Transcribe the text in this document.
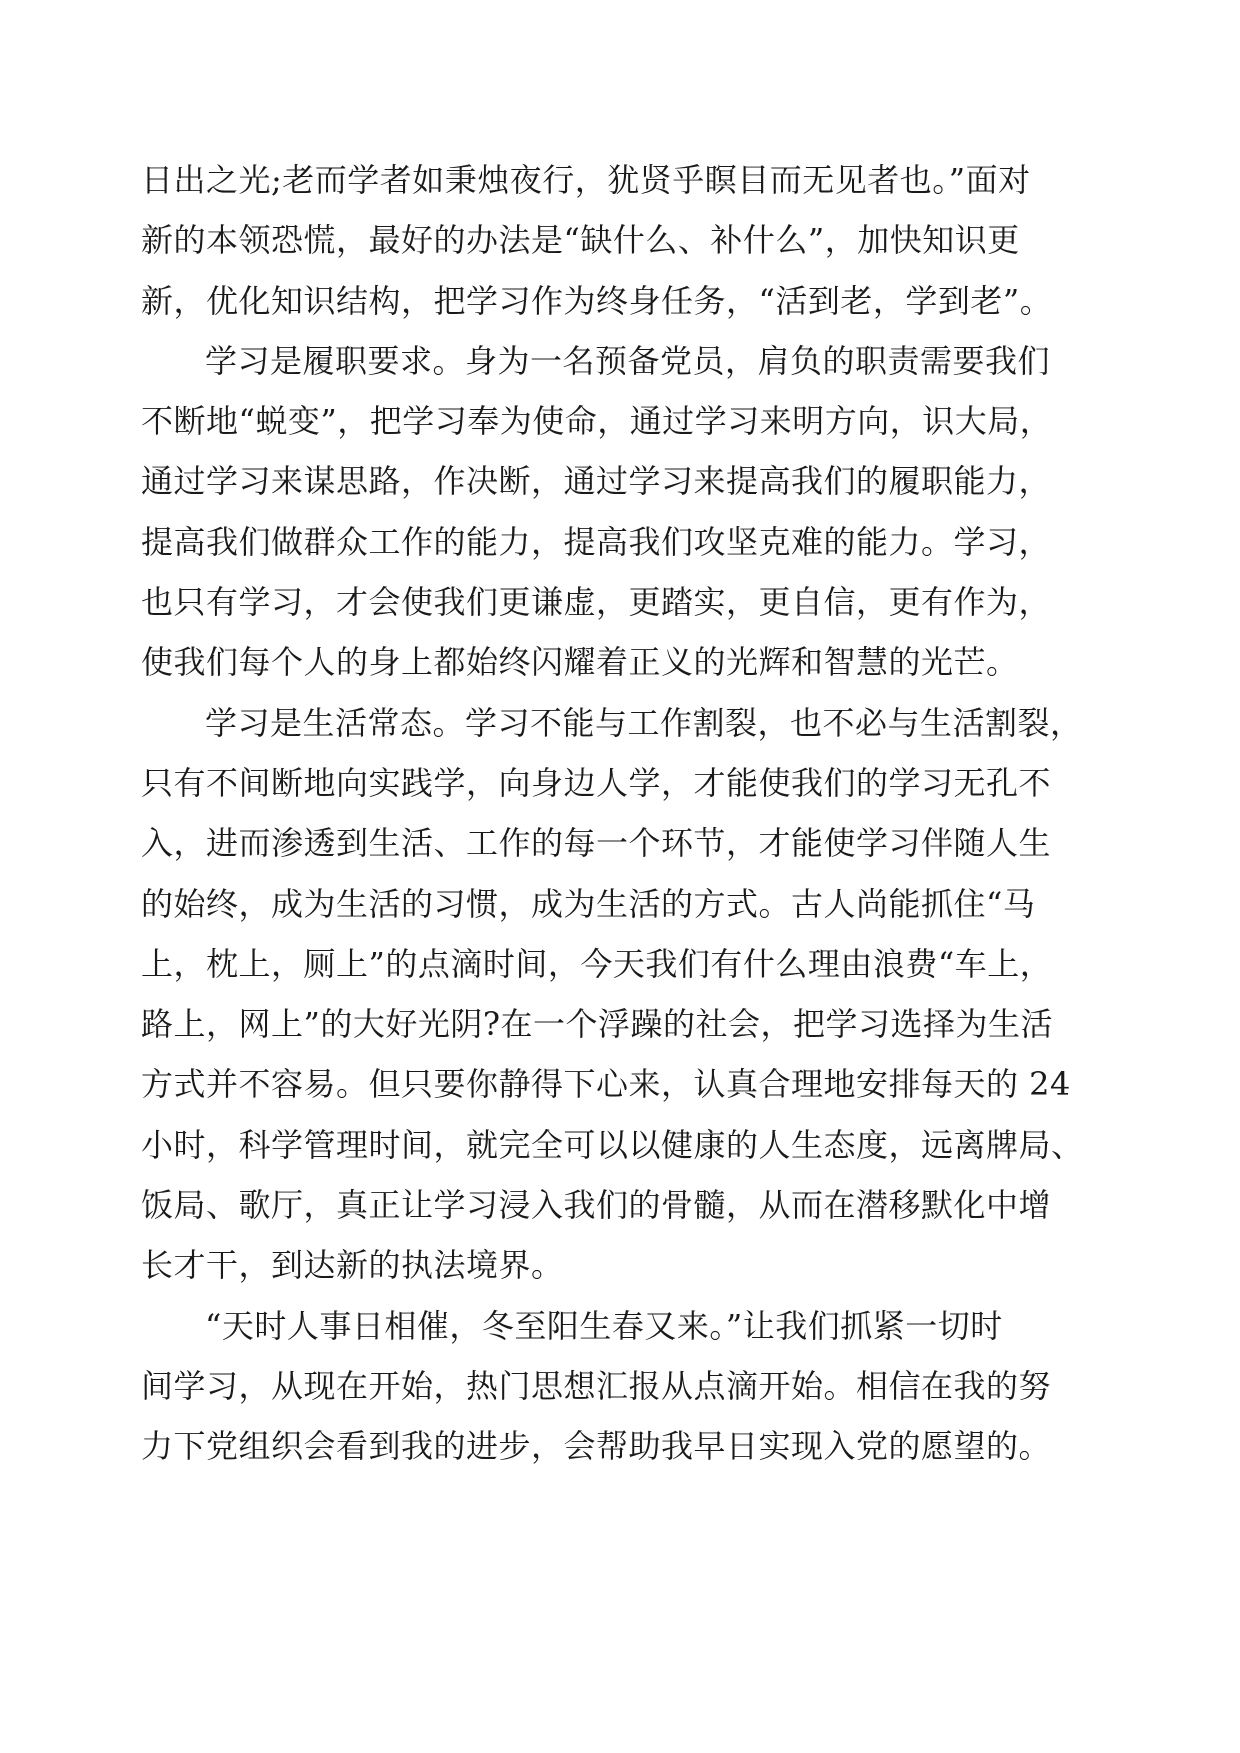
日出之光;老而学者如秉烛夜行，犹贤乎瞑目而无见者也。”面对
新的本领恐慌，最好的办法是“缺什么、补什么”，加快知识更
新，优化知识结构，把学习作为终身任务，“活到老，学到老”。
学习是履职要求。身为一名预备党员，肩负的职责需要我们
不断地“蜕变”，把学习奉为使命，通过学习来明方向，识大局，
通过学习来谋思路，作决断，通过学习来提高我们的履职能力，
提高我们做群众工作的能力，提高我们攻坚克难的能力。学习，
也只有学习，才会使我们更谦虚，更踏实，更自信，更有作为，
使我们每个人的身上都始终闪耀着正义的光辉和智慧的光芒。
学习是生活常态。学习不能与工作割裂，也不必与生活割裂，
只有不间断地向实践学，向身边人学，才能使我们的学习无孔不
入，进而渗透到生活、工作的每一个环节，才能使学习伴随人生
的始终，成为生活的习惯，成为生活的方式。古人尚能抓住“马
上，枕上，厕上”的点滴时间，今天我们有什么理由浪费“车上，
路上，网上”的大好光阴?在一个浮躁的社会，把学习选择为生活
方式并不容易。但只要你静得下心来，认真合理地安排每天的 24
小时，科学管理时间，就完全可以以健康的人生态度，远离牌局、
饭局、歌厅，真正让学习浸入我们的骨髓，从而在潜移默化中增
长才干，到达新的执法境界。
“天时人事日相催，冬至阳生春又来。”让我们抓紧一切时
间学习，从现在开始，热门思想汇报从点滴开始。相信在我的努
力下党组织会看到我的进步，会帮助我早日实现入党的愿望的。
